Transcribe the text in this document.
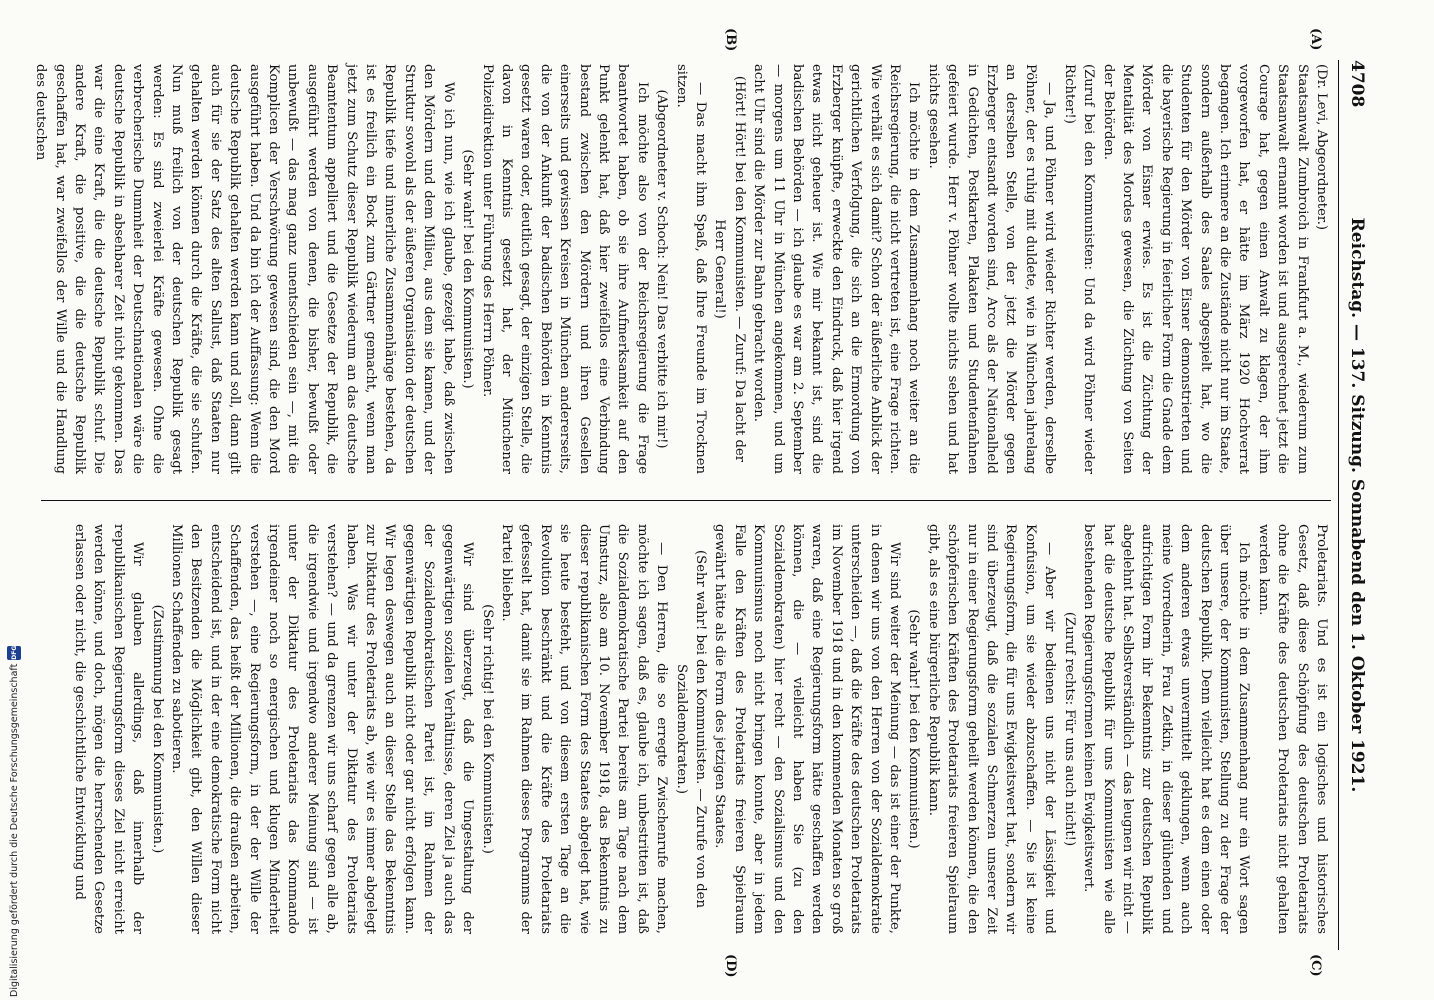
Digitalisierung gefördert durch die Deutsche Forschungsgemeinschaft
DFG
4708
Reichstag. — 137. Sitzung. Sonnabend den 1. Oktober 1921.
(A)
(B)
(C)
(D)

(Dr. Levi, Abgeordneter.)

Staatsanwalt Zumbroich in Frankfurt a. M., wiederum zum Staatsanwalt ernannt worden ist und ausgerechnet jetzt die Courage hat, gegen einen Anwalt zu klagen, der ihm vorgeworfen hat, er hätte im März 1920 Hochverrat begangen. Ich erinnere an die Zustände nicht nur im Staate, sondern außerhalb des Saales abgespielt hat, wo die Studenten für den Mörder von Eisner demonstrierten und die bayerische Regierung in feierlicher Form die Gnade dem Mörder von Eisner erwies. Es ist die Züchtung der Mentalität des Mordes gewesen, die Züchtung von Seiten der Behörden.

(Zuruf bei den Kommunisten: Und da wird Pöhner wieder Richter!)

— Ja, und Pöhner wird wieder Richter werden, derselbe Pöhner, der es ruhig mit duldete, wie in München jahrelang an derselben Stelle, von der jetzt die Mörder gegen Erzberger entsandt worden sind, Arco als der Nationalheld in Gedichten, Postkarten, Plakaten und Studentenfahnen gefeiert wurde. Herr v. Pöhner wollte nichts sehen und hat nichts gesehen.

Ich möchte in dem Zusammenhang noch weiter an die Reichsregierung, die nicht vertreten ist, eine Frage richten. Wie verhält es sich damit? Schon der äußerliche Anblick der gerichtlichen Verfolgung, die sich an die Ermordung von Erzberger knüpfte, erweckte den Eindruck, daß hier irgend etwas nicht geheuer ist. Wie mir bekannt ist, sind die badischen Behörden — ich glaube es war am 2. September — morgens um 11 Uhr in München angekommen, und um acht Uhr sind die Mörder zur Bahn gebracht worden.

(Hört! Hört! bei den Kommunisten. — Zuruf: Da lacht der Herr General!)

— Das macht ihm Spaß, daß Ihre Freunde im Trocknen sitzen.

(Abgeordneter v. Schoch: Nein! Das verbitte ich mir!)

Ich möchte also von der Reichsregierung die Frage beantwortet haben, ob sie ihre Aufmerksamkeit auf den Punkt gelenkt hat, daß hier zweifellos eine Verbindung bestand zwischen den Mördern und ihren Gesellen einerseits und gewissen Kreisen in München andererseits, die von der Ankunft der badischen Behörden in Kenntnis gesetzt waren oder, deutlich gesagt, der einzigen Stelle, die davon in Kenntnis gesetzt hat, der Münchener Polizeidirektion unter Führung des Herrn Pöhner.

(Sehr wahr! bei den Kommunisten.)

Wo ich nun, wie ich glaube, gezeigt habe, daß zwischen den Mördern und dem Milieu, aus dem sie kamen, und der Struktur sowohl als der äußeren Organisation der deutschen Republik tiefe und innerliche Zusammenhänge bestehen, da ist es freilich ein Bock zum Gärtner gemacht, wenn man jetzt zum Schutz dieser Republik wiederum an das deutsche Beamtentum appelliert und die Gesetze der Republik, die ausgeführt werden von denen, die bisher, bewußt oder unbewußt — das mag ganz unentschieden sein —, mit die Komplicen der Verschwörung gewesen sind, die den Mord ausgeführt haben. Und da bin ich der Auffassung: Wenn die deutsche Republik gehalten werden kann und soll, dann gilt auch für sie der Satz des alten Sallust, daß Staaten nur gehalten werden können durch die Kräfte, die sie schufen. Nun muß freilich von der deutschen Republik gesagt werden: Es sind zweierlei Kräfte gewesen. Ohne die verbrecherische Dummheit der Deutschnationalen wäre die deutsche Republik in absehbarer Zeit nicht gekommen. Das war die eine Kraft, die die deutsche Republik schuf. Die andere Kraft, die positive, die die deutsche Republik geschaffen hat, war zweifellos der Wille und die Handlung des deutschen

Proletariats. Und es ist ein logisches und historisches Gesetz, daß diese Schöpfung des deutschen Proletariats ohne die Kräfte des deutschen Proletariats nicht gehalten werden kann.

Ich möchte in dem Zusammenhang nur ein Wort sagen über unsere, der Kommunisten, Stellung zu der Frage der deutschen Republik. Denn vielleicht hat es dem einen oder dem anderen etwas unvermittelt geklungen, wenn auch meine Vorrednerin, Frau Zetkin, in dieser glühenden und aufrichtigen Form ihr Bekenntnis zur deutschen Republik abgelehnt hat. Selbstverständlich — das leugnen wir nicht — hat die deutsche Republik für uns Kommunisten wie alle bestehenden Regierungsformen keinen Ewigkeitswert.

(Zuruf rechts: Für uns auch nicht!)

— Aber wir bedienen uns nicht der Lässigkeit und Konfusion, um sie wieder abzuschaffen. — Sie ist keine Regierungsform, die für uns Ewigkeitswert hat, sondern wir sind überzeugt, daß die sozialen Schmerzen unserer Zeit nur in einer Regierungsform geheilt werden können, die den schöpferischen Kräften des Proletariats freieren Spielraum gibt, als es eine bürgerliche Republik kann.

(Sehr wahr! bei den Kommunisten.)

Wir sind weiter der Meinung — das ist einer der Punkte, in denen wir uns von den Herren von der Sozialdemokratie unterscheiden —, daß die Kräfte des deutschen Proletariats im November 1918 und in den kommenden Monaten so groß waren, daß eine Regierungsform hätte geschaffen werden können, die — vielleicht haben Sie (zu den Sozialdemokraten) hier recht — den Sozialismus und den Kommunismus noch nicht bringen konnte, aber in jedem Falle den Kräften des Proletariats freieren Spielraum gewährt hätte als die Form des jetzigen Staates.

(Sehr wahr! bei den Kommunisten. — Zurufe von den Sozialdemokraten.)

— Den Herren, die so erregte Zwischenrufe machen, möchte ich sagen, daß es, glaube ich, unbestritten ist, daß die Sozialdemokratische Partei bereits am Tage nach dem Umsturz, also am 10. November 1918, das Bekenntnis zu dieser republikanischen Form des Staates abgelegt hat, wie sie heute besteht, und von diesem ersten Tage an die Revolution beschränkt und die Kräfte des Proletariats gefesselt hat, damit sie im Rahmen dieses Programms der Partei blieben.

(Sehr richtig! bei den Kommunisten.)

Wir sind überzeugt, daß die Umgestaltung der gegenwärtigen sozialen Verhältnisse, deren Ziel ja auch das der Sozialdemokratischen Partei ist, im Rahmen der gegenwärtigen Republik nicht oder gar nicht erfolgen kann. Wir legen deswegen auch an dieser Stelle das Bekenntnis zur Diktatur des Proletariats ab, wie wir es immer abgelegt haben. Was wir unter der Diktatur des Proletariats verstehen? — und da grenzen wir uns scharf gegen alle ab, die irgendwie und irgendwo anderer Meinung sind — ist unter der Diktatur des Proletariats das Kommando irgendeiner noch so energischen und klugen Minderheit verstehen —, eine Regierungsform, in der der Wille der Schaffenden, das heißt der Millionen, die draußen arbeiten, entscheidend ist, und in der eine demokratische Form nicht den Besitzenden die Möglichkeit gibt, den Willen dieser Millionen Schaffenden zu sabotieren.

(Zustimmung bei den Kommunisten.)

Wir glauben allerdings, daß innerhalb der republikanischen Regierungsform dieses Ziel nicht erreicht werden könne, und doch, mögen die herrschenden Gesetze erlassen oder nicht, die geschichtliche Entwicklung und
